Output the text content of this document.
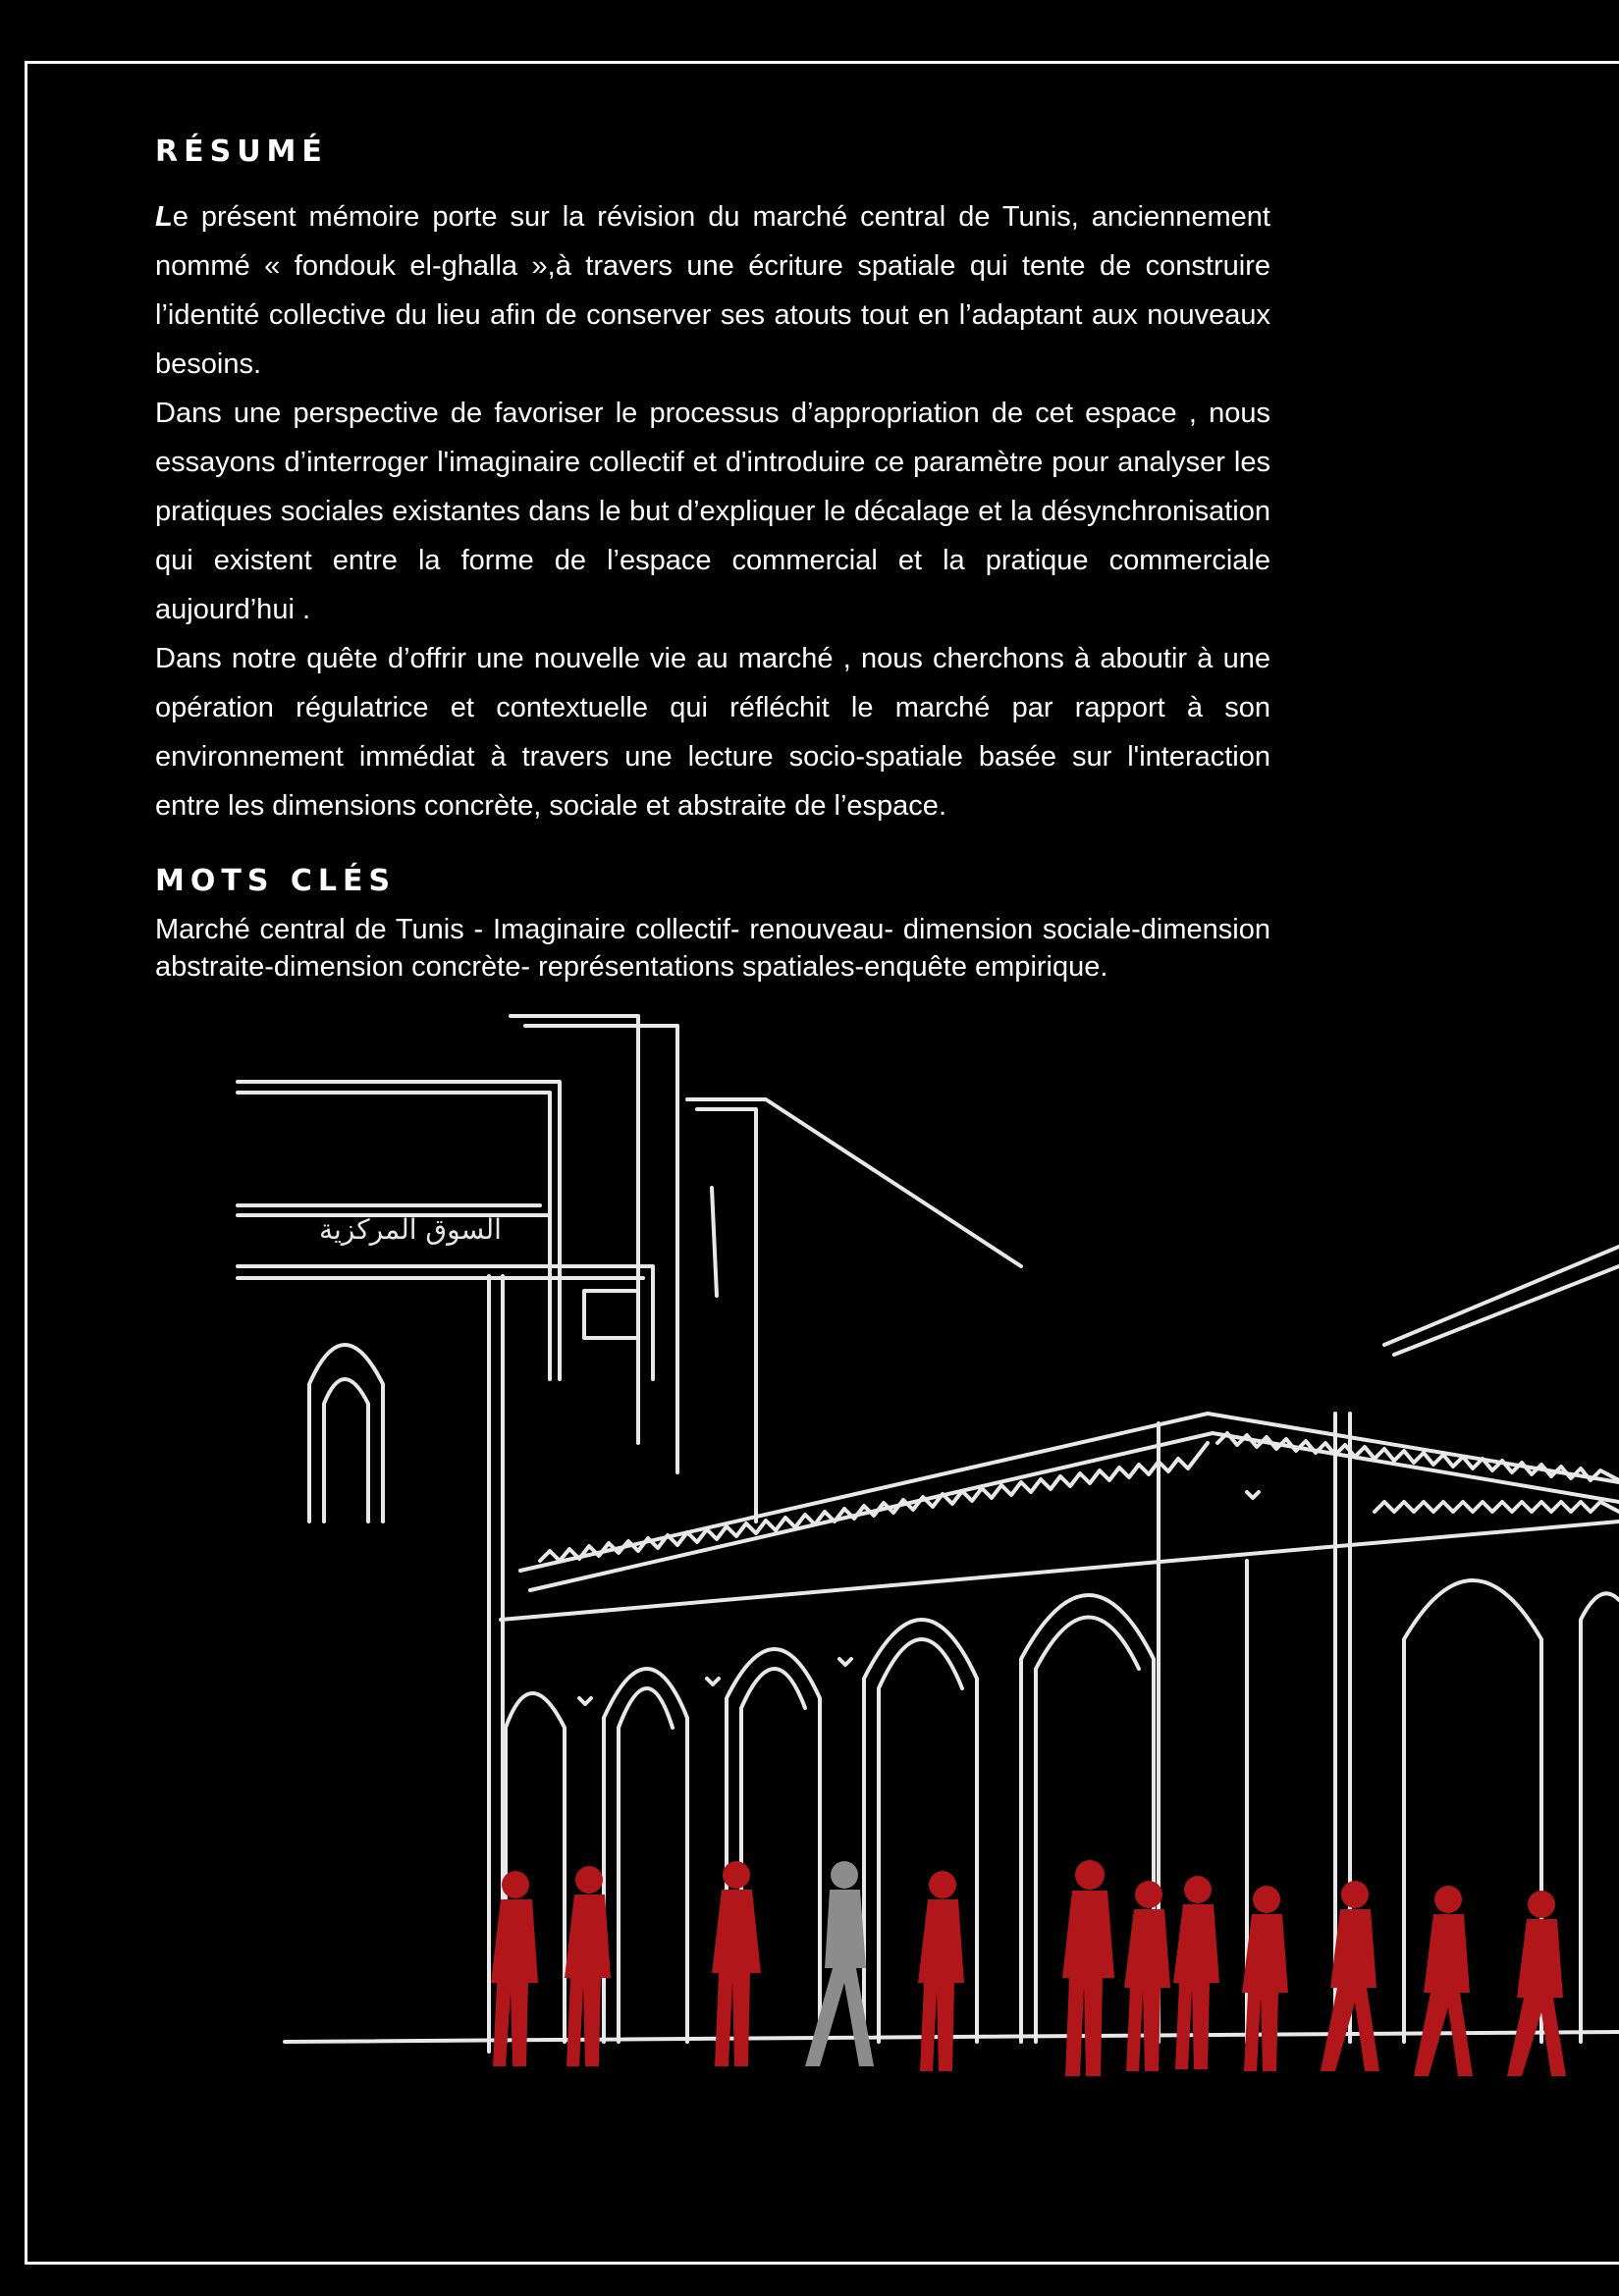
RÉSUMÉ

Le présent mémoire porte sur la révision du marché central de Tunis, anciennement nommé « fondouk el-ghalla »,à travers une écriture spatiale qui tente de construire l’identité collective du lieu afin de conserver ses atouts tout en l’adaptant aux nouveaux besoins.

Dans une perspective de favoriser le processus d’appropriation de cet espace , nous essayons d’interroger l'imaginaire collectif et d'introduire ce paramètre pour analyser les pratiques sociales existantes dans le but d’expliquer le décalage et la désynchronisation qui existent entre la forme de l’espace commercial et la pratique commerciale aujourd’hui .

Dans notre quête d’offrir une nouvelle vie au marché , nous cherchons à aboutir à une opération régulatrice et contextuelle qui réfléchit le marché par rapport à son environnement immédiat à travers une lecture socio-spatiale basée sur l'interaction entre les dimensions concrète, sociale et abstraite de l’espace.

MOTS CLÉS

Marché central de Tunis - Imaginaire collectif- renouveau- dimension sociale-dimension abstraite-dimension concrète- représentations spatiales-enquête empirique.

السوق المركزية
